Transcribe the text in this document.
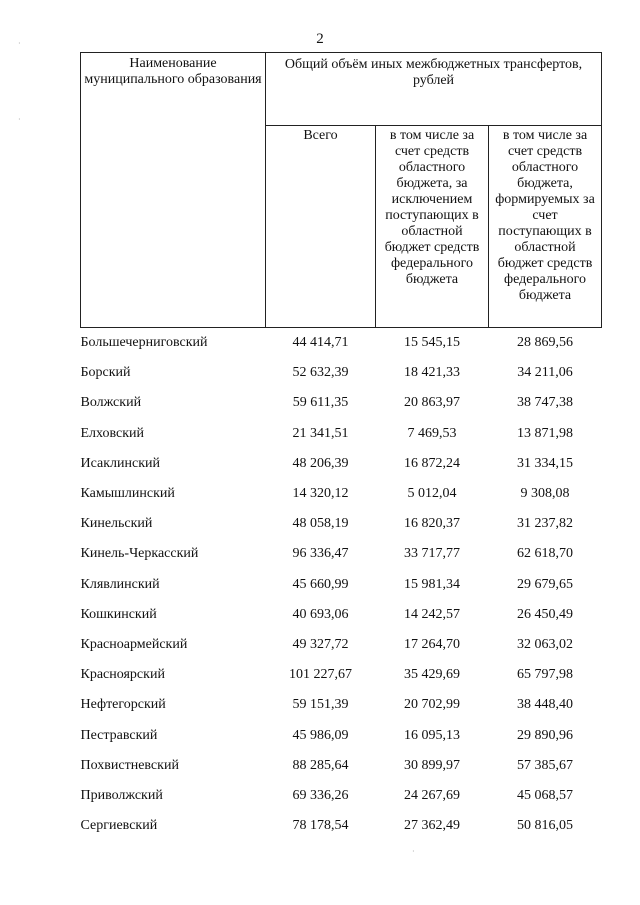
2
Наименование муниципального образования	Общий объём иных межбюджетных трансфертов, рублей		
	Всего	в том числе за счет средств областного бюджета, за исключением поступающих в областной бюджет средств федерального бюджета	в том числе за счет средств областного бюджета, формируемых за счет поступающих в областной бюджет средств федерального бюджета
Большечерниговский	44 414,71	15 545,15	28 869,56
Борский	52 632,39	18 421,33	34 211,06
Волжский	59 611,35	20 863,97	38 747,38
Елховский	21 341,51	7 469,53	13 871,98
Исаклинский	48 206,39	16 872,24	31 334,15
Камышлинский	14 320,12	5 012,04	9 308,08
Кинельский	48 058,19	16 820,37	31 237,82
Кинель-Черкасский	96 336,47	33 717,77	62 618,70
Клявлинский	45 660,99	15 981,34	29 679,65
Кошкинский	40 693,06	14 242,57	26 450,49
Красноармейский	49 327,72	17 264,70	32 063,02
Красноярский	101 227,67	35 429,69	65 797,98
Нефтегорский	59 151,39	20 702,99	38 448,40
Пестравский	45 986,09	16 095,13	29 890,96
Похвистневский	88 285,64	30 899,97	57 385,67
Приволжский	69 336,26	24 267,69	45 068,57
Сергиевский	78 178,54	27 362,49	50 816,05
·
·
·
